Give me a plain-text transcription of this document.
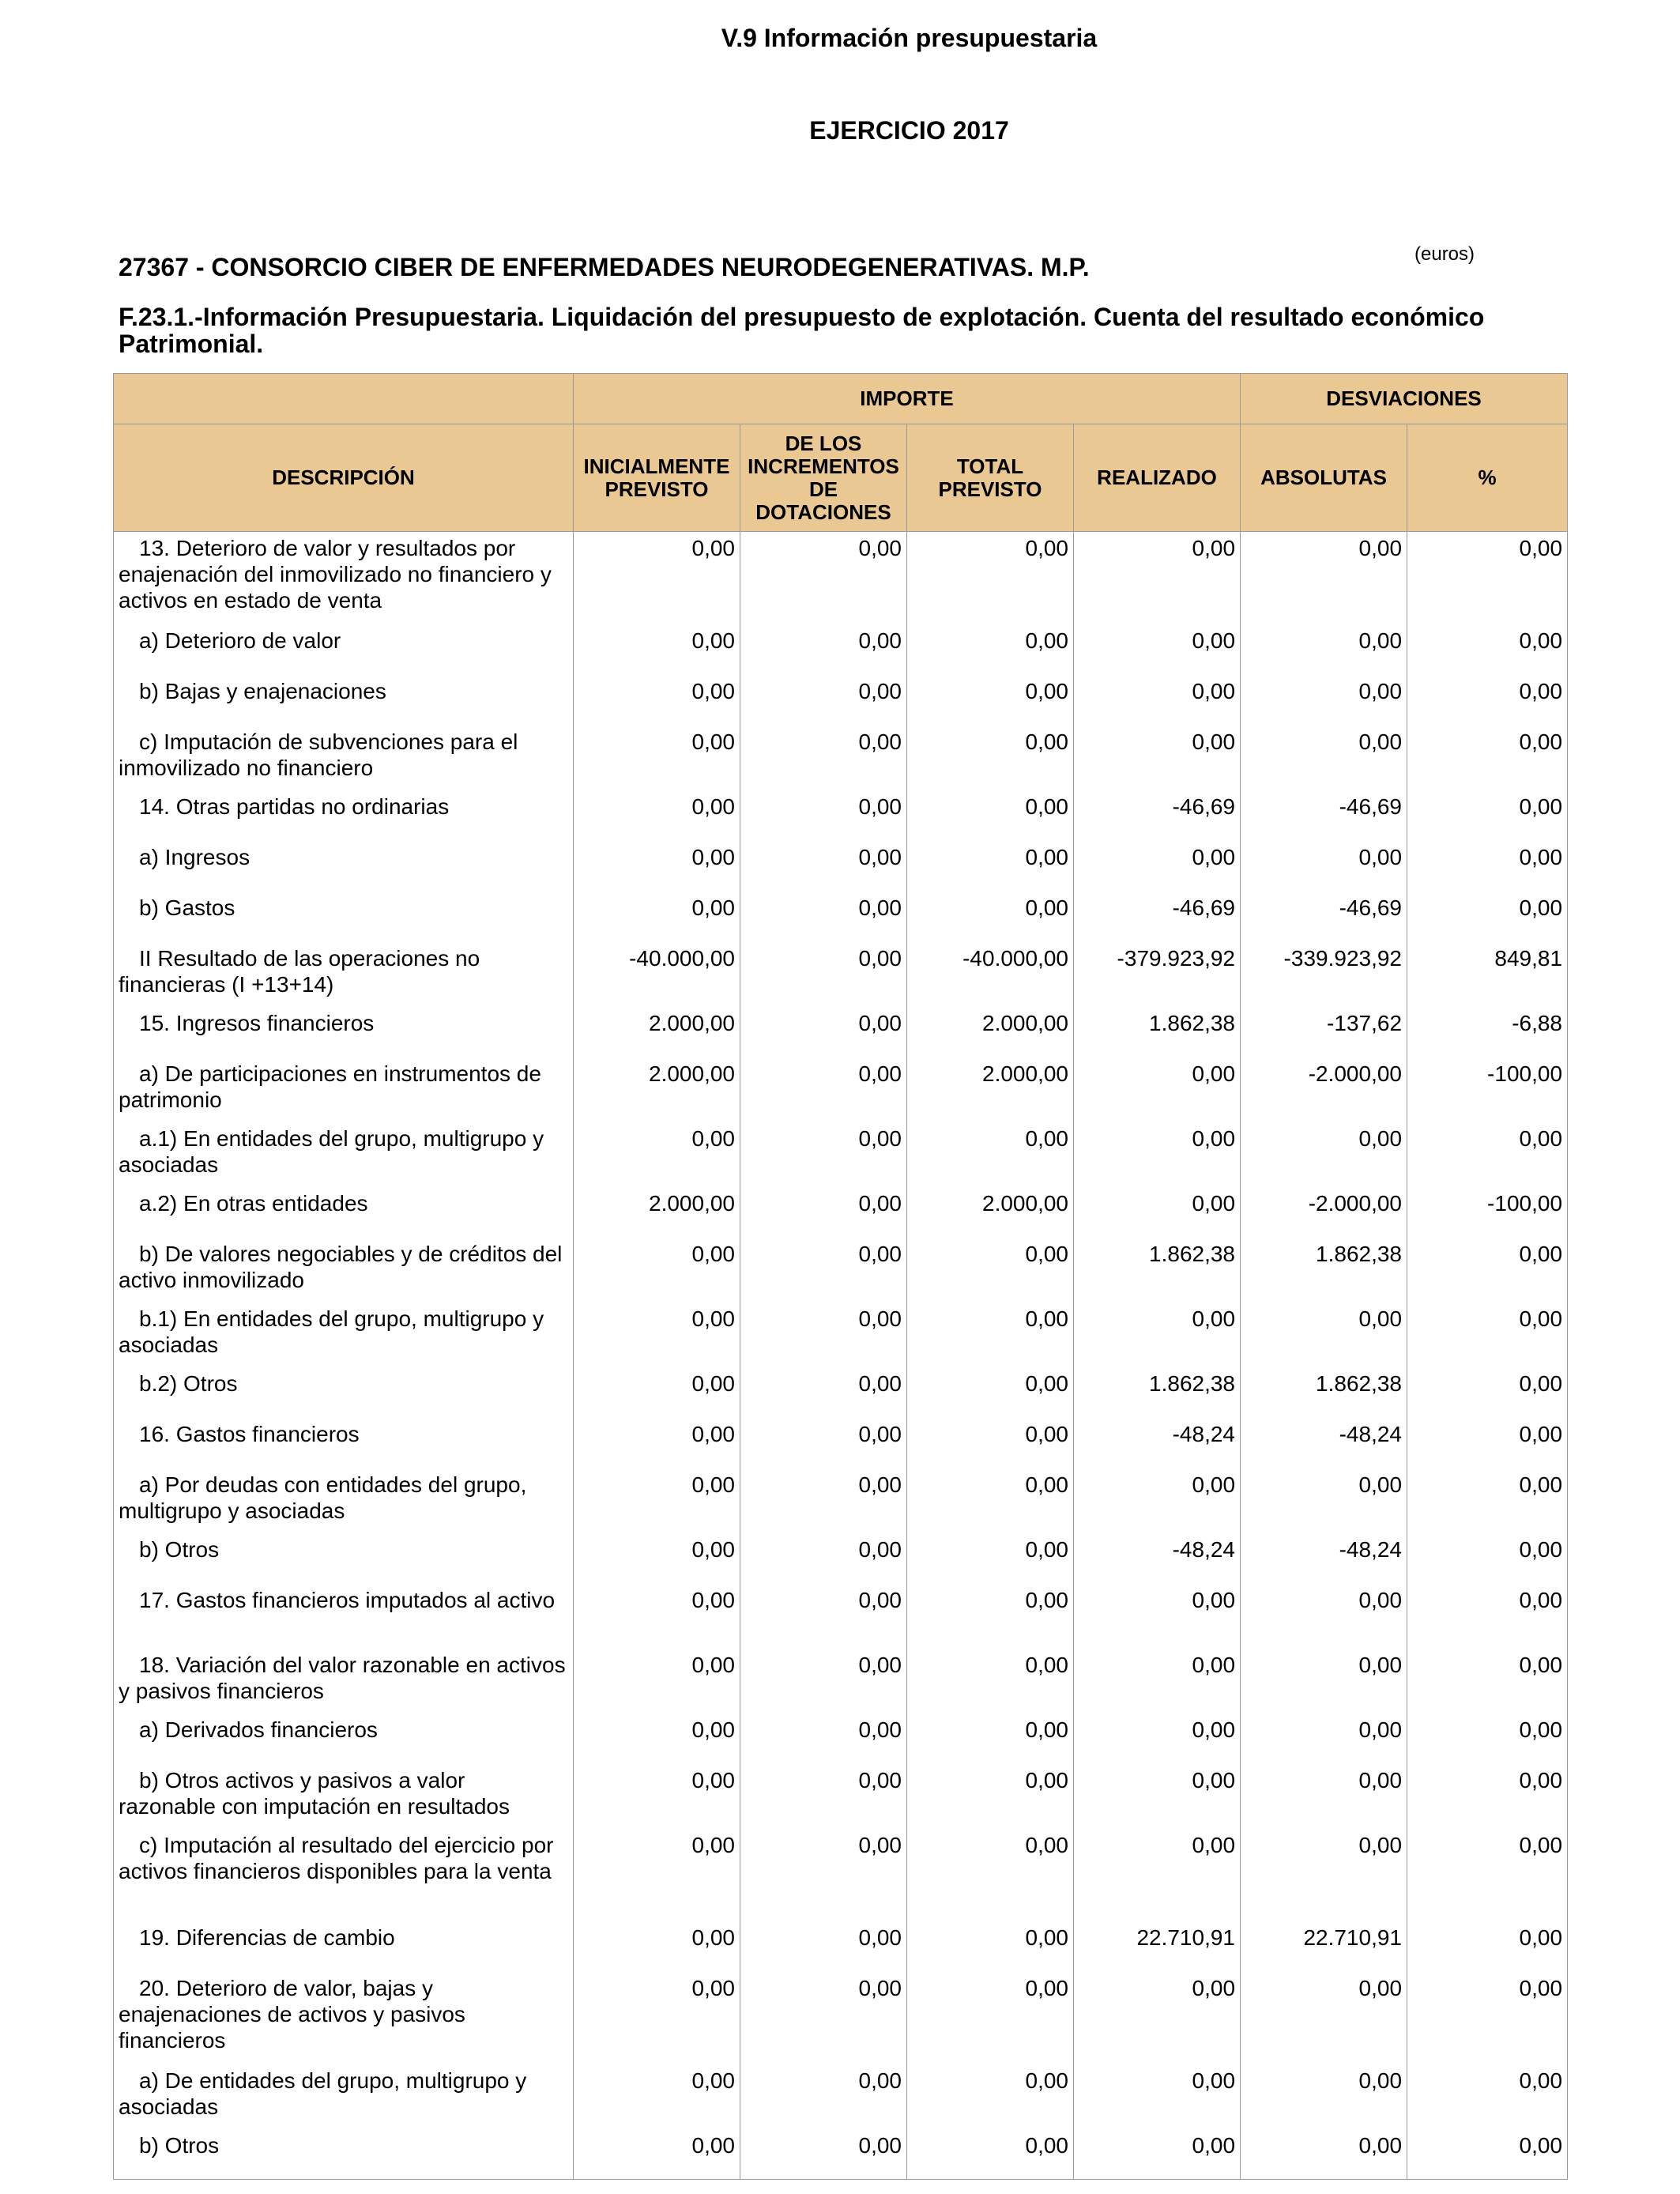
V.9 Información presupuestaria
EJERCICIO 2017
(euros)
27367 - CONSORCIO CIBER DE ENFERMEDADES NEURODEGENERATIVAS. M.P.
F.23.1.-Información Presupuestaria. Liquidación del presupuesto de explotación. Cuenta del resultado económico Patrimonial.
	IMPORTE				DESVIACIONES	
DESCRIPCIÓN	INICIALMENTE PREVISTO	DE LOS INCREMENTOS DE DOTACIONES	TOTAL PREVISTO	REALIZADO	ABSOLUTAS	%
13. Deterioro de valor y resultados por enajenación del inmovilizado no financiero y activos en estado de venta	0,00	0,00	0,00	0,00	0,00	0,00
a) Deterioro de valor	0,00	0,00	0,00	0,00	0,00	0,00
b) Bajas y enajenaciones	0,00	0,00	0,00	0,00	0,00	0,00
c) Imputación de subvenciones para el inmovilizado no financiero	0,00	0,00	0,00	0,00	0,00	0,00
14. Otras partidas no ordinarias	0,00	0,00	0,00	-46,69	-46,69	0,00
a) Ingresos	0,00	0,00	0,00	0,00	0,00	0,00
b) Gastos	0,00	0,00	0,00	-46,69	-46,69	0,00
II Resultado de las operaciones no financieras (I +13+14)	-40.000,00	0,00	-40.000,00	-379.923,92	-339.923,92	849,81
15. Ingresos financieros	2.000,00	0,00	2.000,00	1.862,38	-137,62	-6,88
a) De participaciones en instrumentos de patrimonio	2.000,00	0,00	2.000,00	0,00	-2.000,00	-100,00
a.1) En entidades del grupo, multigrupo y asociadas	0,00	0,00	0,00	0,00	0,00	0,00
a.2) En otras entidades	2.000,00	0,00	2.000,00	0,00	-2.000,00	-100,00
b) De valores negociables y de créditos del activo inmovilizado	0,00	0,00	0,00	1.862,38	1.862,38	0,00
b.1) En entidades del grupo, multigrupo y asociadas	0,00	0,00	0,00	0,00	0,00	0,00
b.2) Otros	0,00	0,00	0,00	1.862,38	1.862,38	0,00
16. Gastos financieros	0,00	0,00	0,00	-48,24	-48,24	0,00
a) Por deudas con entidades del grupo, multigrupo y asociadas	0,00	0,00	0,00	0,00	0,00	0,00
b) Otros	0,00	0,00	0,00	-48,24	-48,24	0,00
17. Gastos financieros imputados al activo	0,00	0,00	0,00	0,00	0,00	0,00
18. Variación del valor razonable en activos y pasivos financieros	0,00	0,00	0,00	0,00	0,00	0,00
a) Derivados financieros	0,00	0,00	0,00	0,00	0,00	0,00
b) Otros activos y pasivos a valor razonable con imputación en resultados	0,00	0,00	0,00	0,00	0,00	0,00
c) Imputación al resultado del ejercicio por activos financieros disponibles para la venta	0,00	0,00	0,00	0,00	0,00	0,00
19. Diferencias de cambio	0,00	0,00	0,00	22.710,91	22.710,91	0,00
20. Deterioro de valor, bajas y enajenaciones de activos y pasivos financieros	0,00	0,00	0,00	0,00	0,00	0,00
a) De entidades del grupo, multigrupo y asociadas	0,00	0,00	0,00	0,00	0,00	0,00
b) Otros	0,00	0,00	0,00	0,00	0,00	0,00
